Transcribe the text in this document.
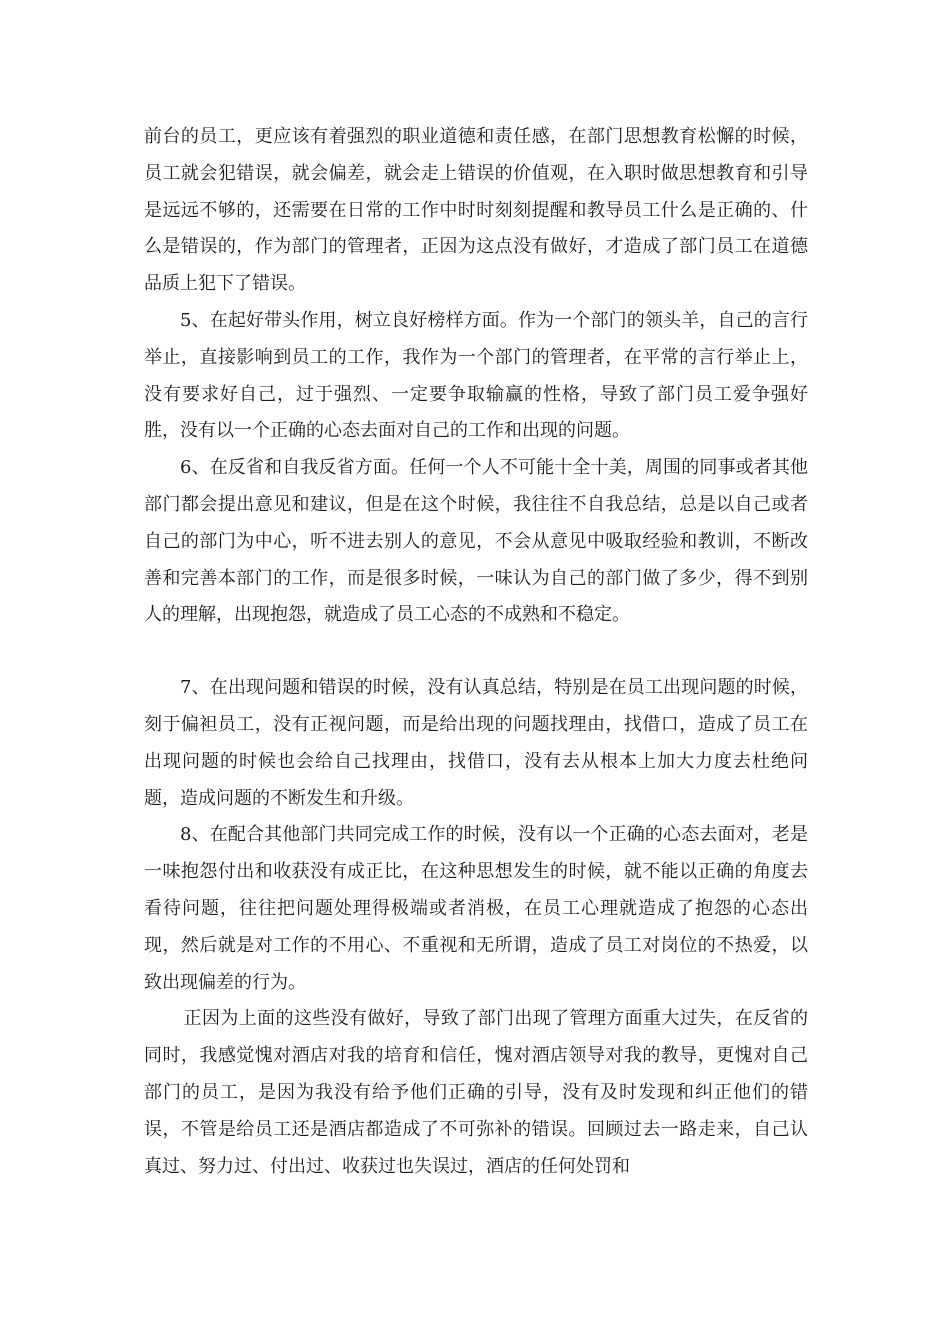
前台的员工，更应该有着强烈的职业道德和责任感，在部门思想教育松懈的时候，员工就会犯错误，就会偏差，就会走上错误的价值观，在入职时做思想教育和引导是远远不够的，还需要在日常的工作中时时刻刻提醒和教导员工什么是正确的、什么是错误的，作为部门的管理者，正因为这点没有做好，才造成了部门员工在道德品质上犯下了错误。

5、在起好带头作用，树立良好榜样方面。作为一个部门的领头羊，自己的言行举止，直接影响到员工的工作，我作为一个部门的管理者，在平常的言行举止上，没有要求好自己，过于强烈、一定要争取输赢的性格，导致了部门员工爱争强好胜，没有以一个正确的心态去面对自己的工作和出现的问题。

6、在反省和自我反省方面。任何一个人不可能十全十美，周围的同事或者其他部门都会提出意见和建议，但是在这个时候，我往往不自我总结，总是以自己或者自己的部门为中心，听不进去别人的意见，不会从意见中吸取经验和教训，不断改善和完善本部门的工作，而是很多时候，一味认为自己的部门做了多少，得不到别人的理解，出现抱怨，就造成了员工心态的不成熟和不稳定。

7、在出现问题和错误的时候，没有认真总结，特别是在员工出现问题的时候，刻于偏袒员工，没有正视问题，而是给出现的问题找理由，找借口，造成了员工在出现问题的时候也会给自己找理由，找借口，没有去从根本上加大力度去杜绝问题，造成问题的不断发生和升级。

8、在配合其他部门共同完成工作的时候，没有以一个正确的心态去面对，老是一味抱怨付出和收获没有成正比，在这种思想发生的时候，就不能以正确的角度去看待问题，往往把问题处理得极端或者消极，在员工心理就造成了抱怨的心态出现，然后就是对工作的不用心、不重视和无所谓，造成了员工对岗位的不热爱，以致出现偏差的行为。

正因为上面的这些没有做好，导致了部门出现了管理方面重大过失，在反省的同时，我感觉愧对酒店对我的培育和信任，愧对酒店领导对我的教导，更愧对自己部门的员工，是因为我没有给予他们正确的引导，没有及时发现和纠正他们的错误，不管是给员工还是酒店都造成了不可弥补的错误。回顾过去一路走来，自己认真过、努力过、付出过、收获过也失误过，酒店的任何处罚和
